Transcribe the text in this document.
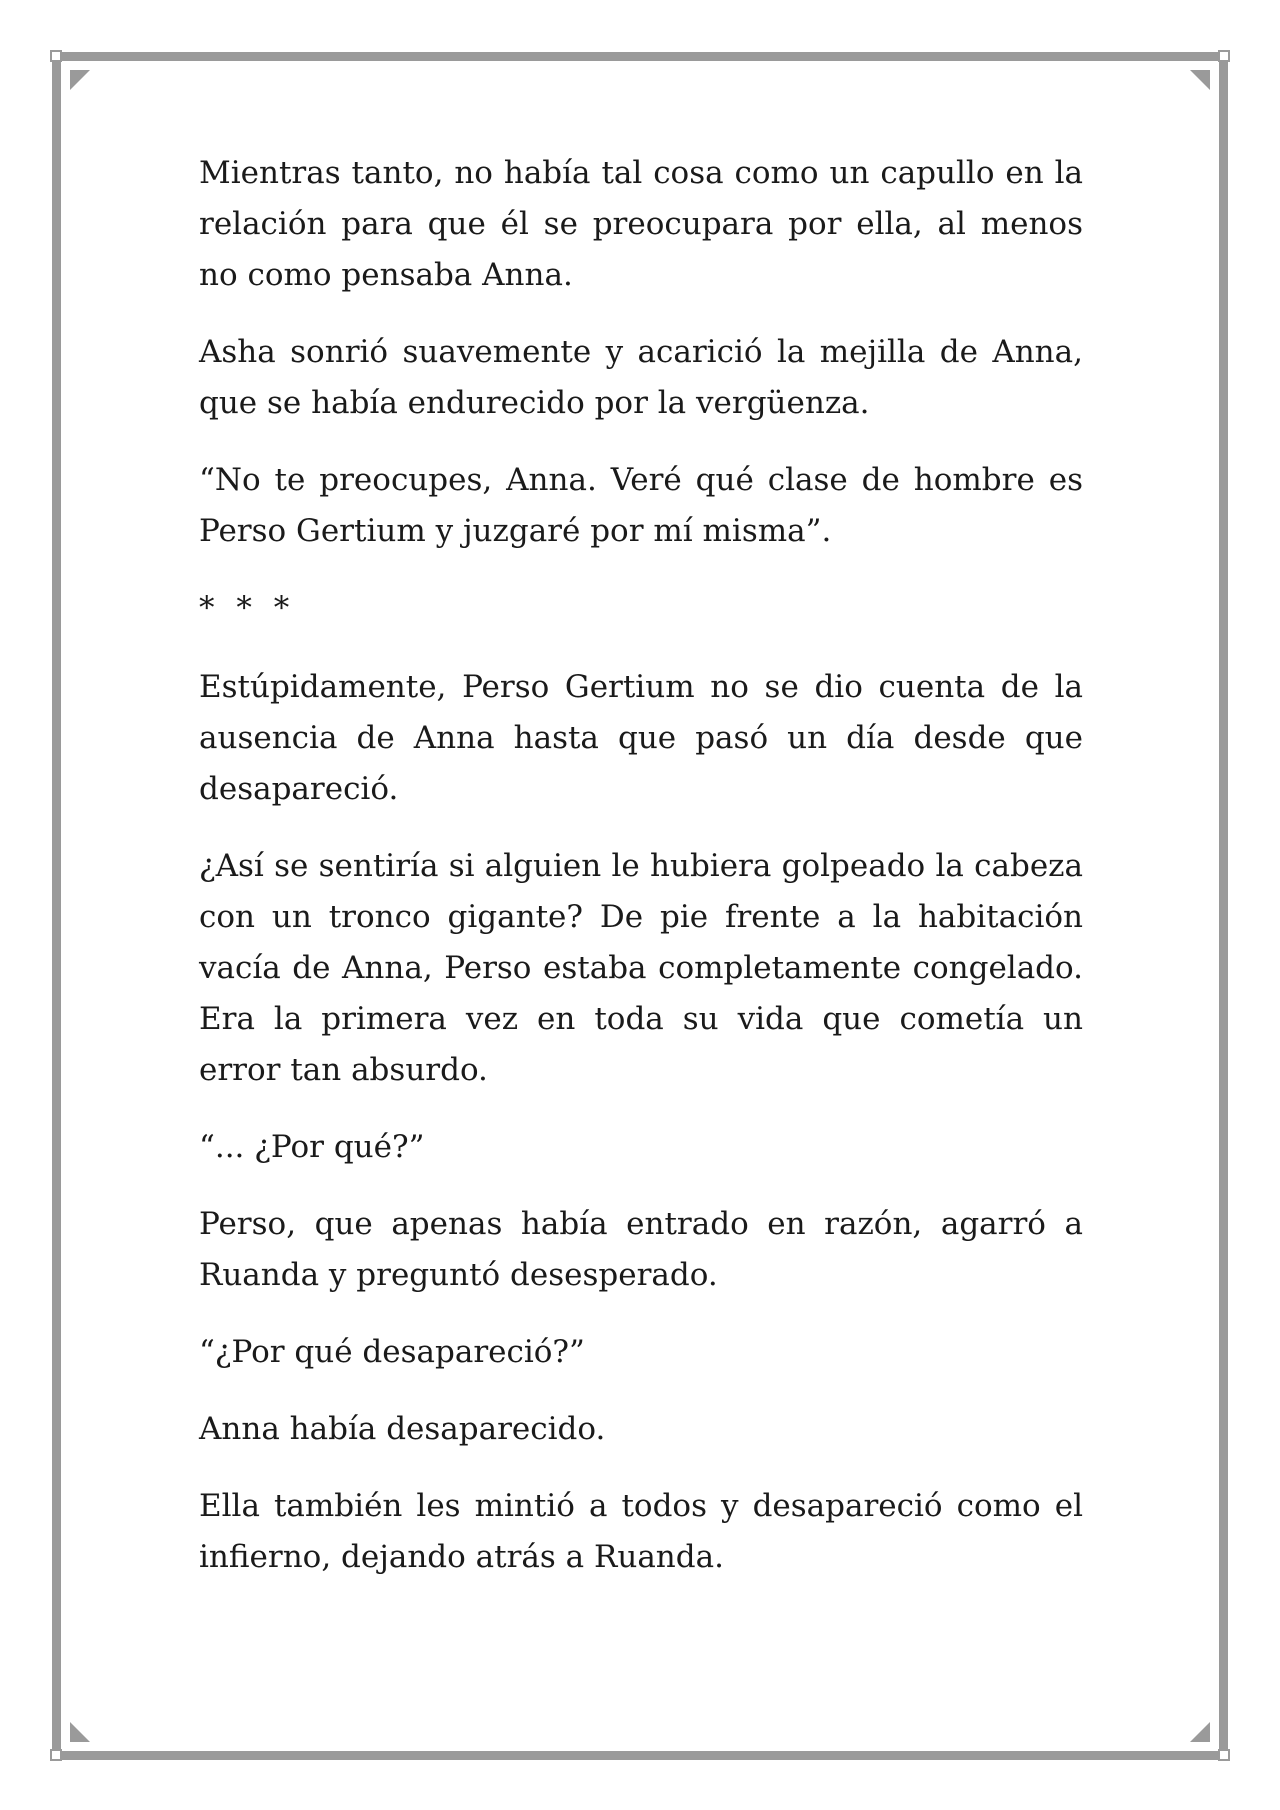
Mientras tanto, no había tal cosa como un capullo en la relación para que él se preocupara por ella, al menos no como pensaba Anna.

Asha sonrió suavemente y acarició la mejilla de Anna, que se había endurecido por la vergüenza.

“No te preocupes, Anna. Veré qué clase de hombre es Perso Gertium y juzgaré por mí misma”.

* * *

Estúpidamente, Perso Gertium no se dio cuenta de la ausencia de Anna hasta que pasó un día desde que desapareció.

¿Así se sentiría si alguien le hubiera golpeado la cabeza con un tronco gigante? De pie frente a la habitación vacía de Anna, Perso estaba completamente congelado. Era la primera vez en toda su vida que cometía un error tan absurdo.

“... ¿Por qué?”

Perso, que apenas había entrado en razón, agarró a Ruanda y preguntó desesperado.

“¿Por qué desapareció?”

Anna había desaparecido.

Ella también les mintió a todos y desapareció como el infierno, dejando atrás a Ruanda.
